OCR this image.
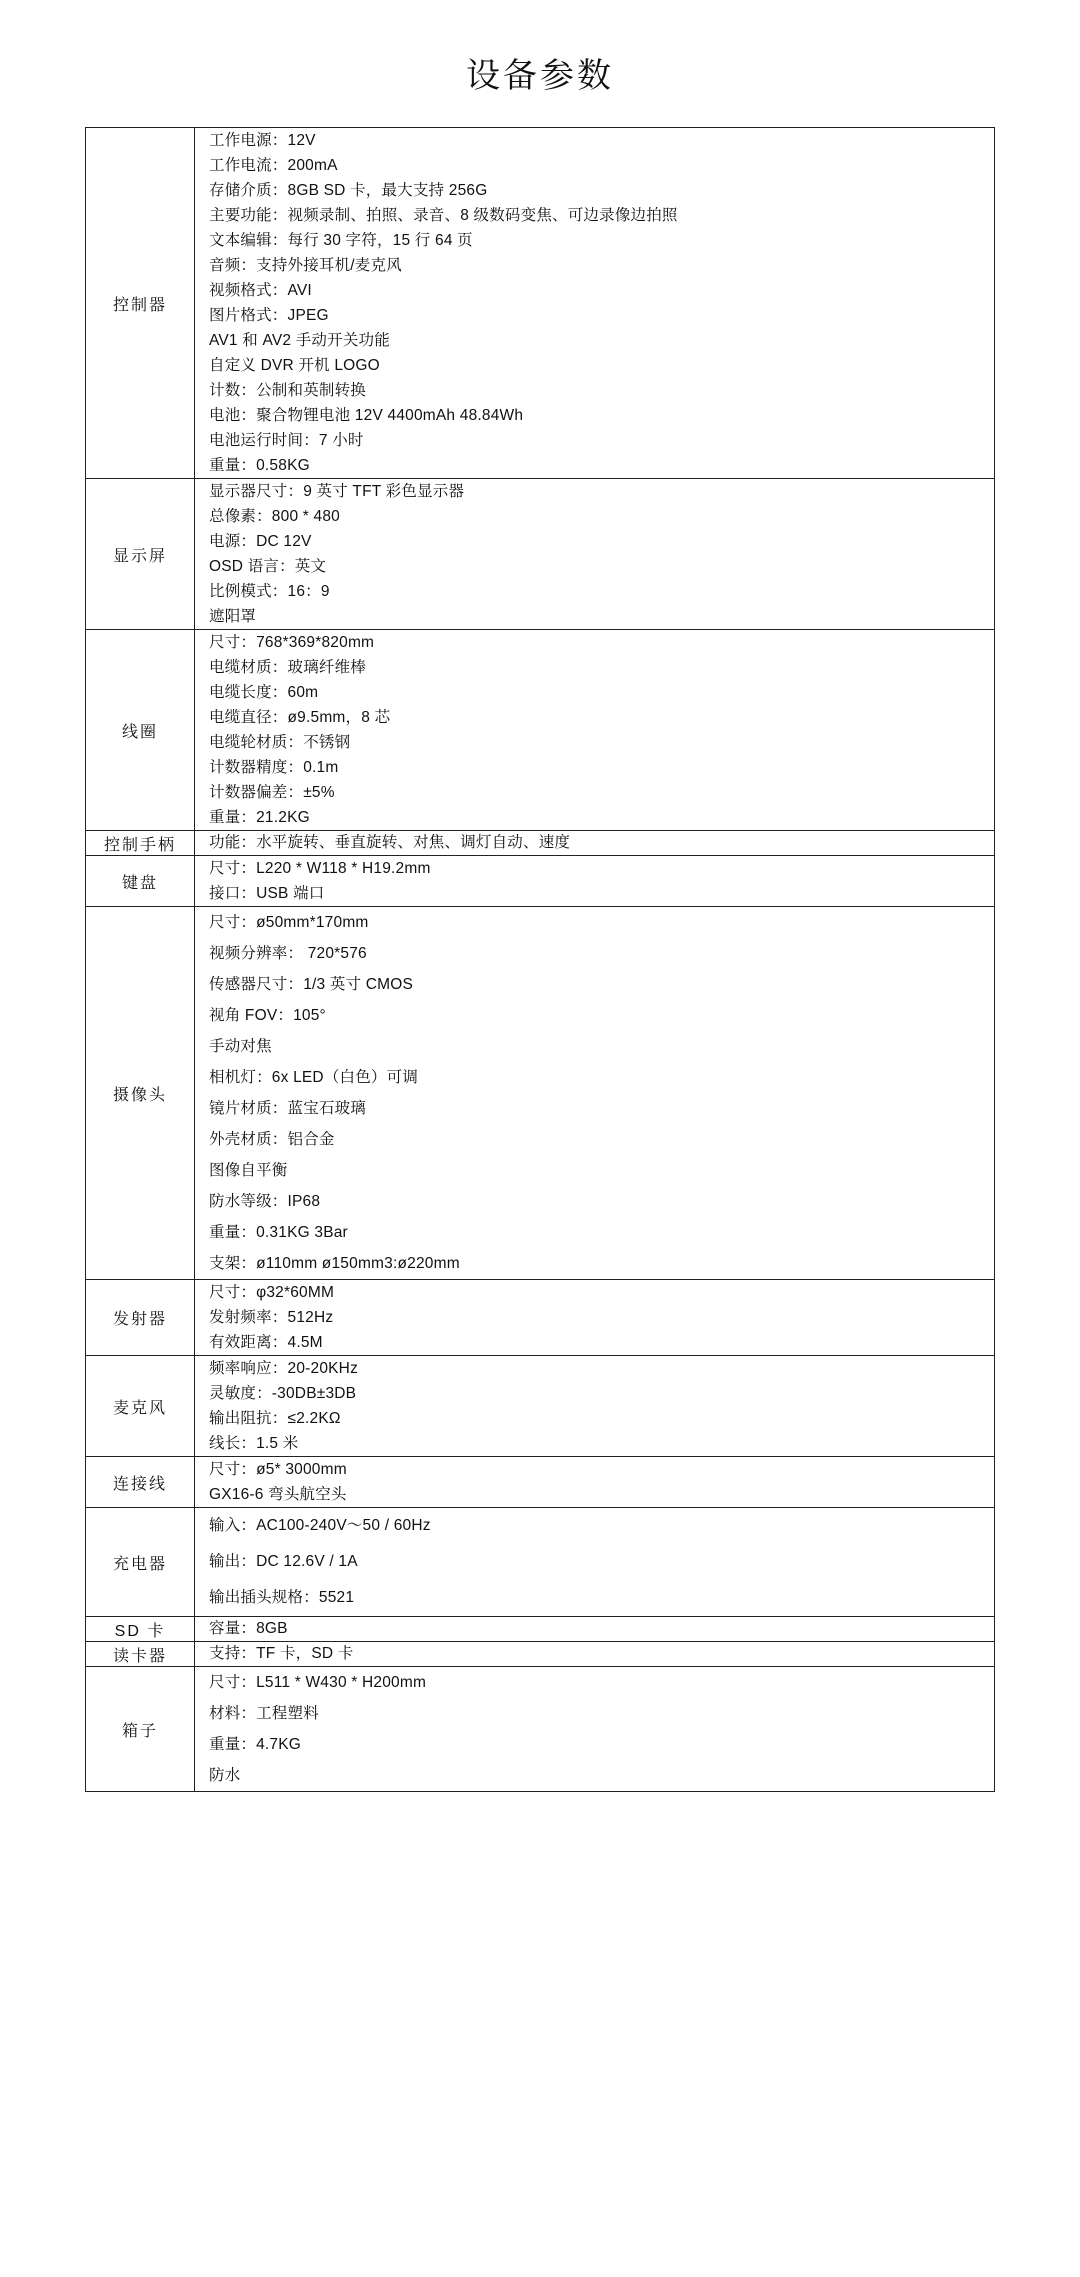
设备参数
控制器	
工作电源：12V
工作电流：200mA
存储介质：8GB SD 卡，最大支持 256G
主要功能：视频录制、拍照、录音、8 级数码变焦、可边录像边拍照
文本编辑：每行 30 字符，15 行 64 页
音频：支持外接耳机/麦克风
视频格式：AVI
图片格式：JPEG
AV1 和 AV2 手动开关功能
自定义 DVR 开机 LOGO
计数：公制和英制转换
电池：聚合物锂电池 12V 4400mAh 48.84Wh
电池运行时间：7 小时
重量：0.58KG

显示屏	
显示器尺寸：9 英寸 TFT 彩色显示器
总像素：800 * 480
电源：DC 12V
OSD 语言：英文
比例模式：16：9
遮阳罩

线圈	
尺寸：768*369*820mm
电缆材质：玻璃纤维棒
电缆长度：60m
电缆直径：ø9.5mm，8 芯
电缆轮材质：不锈钢
计数器精度：0.1m
计数器偏差：±5%
重量：21.2KG

控制手柄	功能：水平旋转、垂直旋转、对焦、调灯自动、速度

键盘	
尺寸：L220 * W118 * H19.2mm
接口：USB 端口

摄像头	
尺寸：ø50mm*170mm
视频分辨率： 720*576
传感器尺寸：1/3 英寸 CMOS
视角 FOV：105°
手动对焦
相机灯：6x LED（白色）可调
镜片材质：蓝宝石玻璃
外壳材质：铝合金
图像自平衡
防水等级：IP68
重量：0.31KG 3Bar
支架：ø110mm ø150mm3:ø220mm

发射器	
尺寸：φ32*60MM
发射频率：512Hz
有效距离：4.5M

麦克风	
频率响应：20-20KHz
灵敏度：-30DB±3DB
输出阻抗：≤2.2KΩ
线长：1.5 米

连接线	
尺寸：ø5* 3000mm
GX16-6 弯头航空头

充电器	
输入：AC100-240V〜50 / 60Hz
输出：DC 12.6V / 1A
输出插头规格：5521

SD 卡	容量：8GB

读卡器	支持：TF 卡，SD 卡

箱子	
尺寸：L511 * W430 * H200mm
材料：工程塑料
重量：4.7KG
防水
